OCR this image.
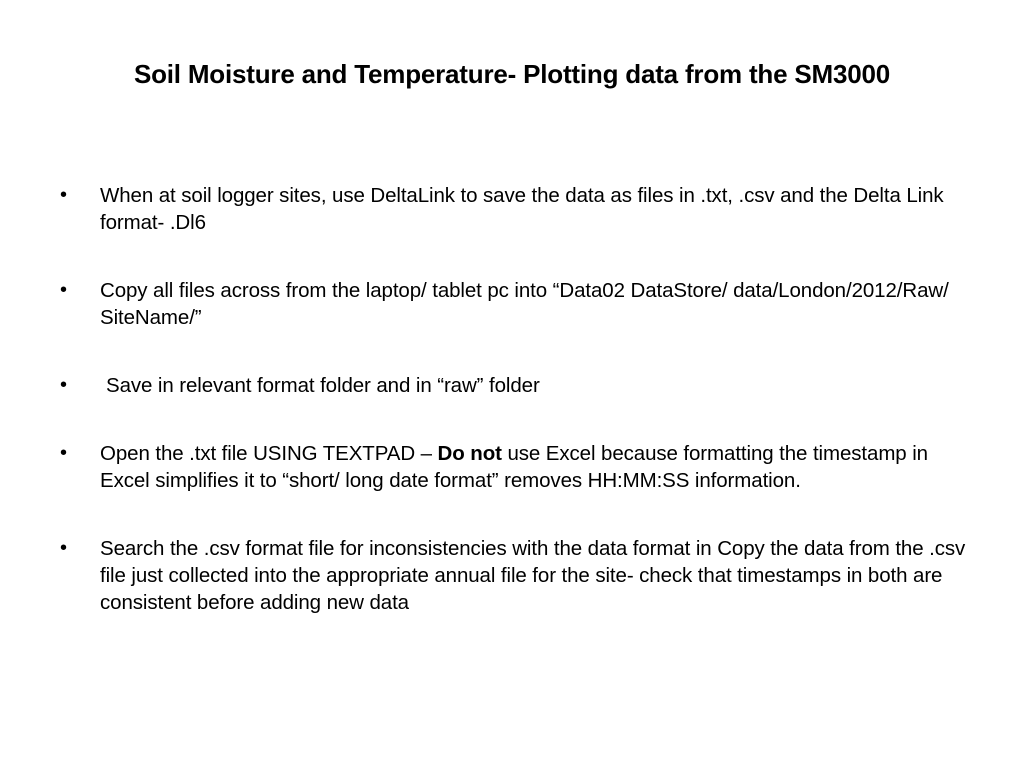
Soil Moisture and Temperature- Plotting data from the SM3000
•	When at soil logger sites, use DeltaLink to save the data as files in .txt, .csv and the Delta Link format- .Dl6
•	Copy all files across from the laptop/ tablet pc into “Data02 DataStore/ data/London/2012/Raw/ SiteName/”
•	Save in relevant format folder and in “raw” folder
•	Open the .txt file USING TEXTPAD – Do not use Excel because formatting the timestamp in Excel simplifies it to “short/ long date format” removes HH:MM:SS information.
•	Search the .csv format file for inconsistencies with the data format in Copy the data from the .csv file just collected into the appropriate annual file for the site- check that timestamps in both are consistent before adding new data
